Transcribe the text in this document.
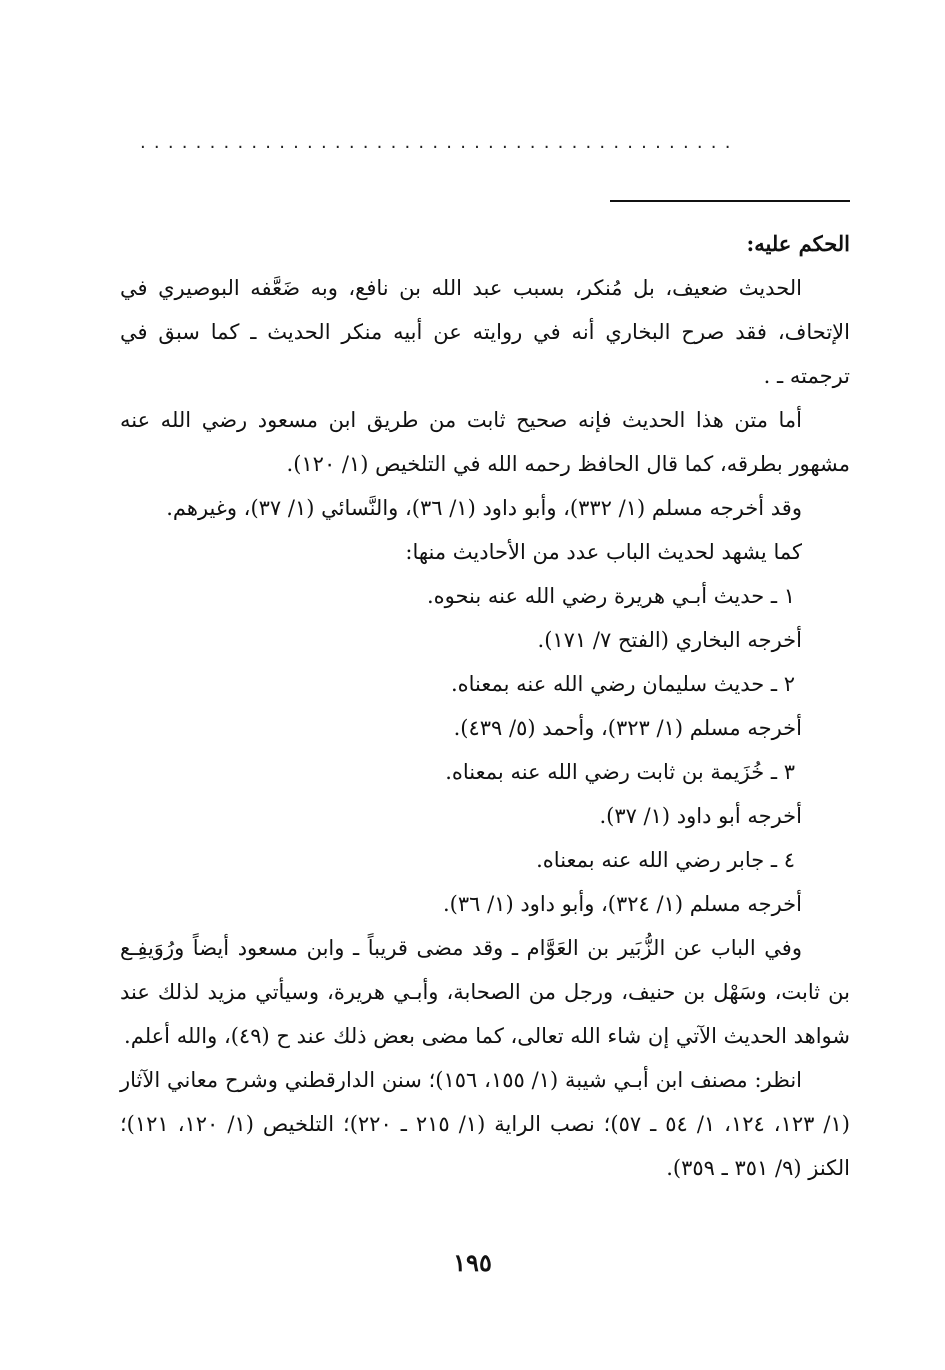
...........................................

الحكم عليه:

الحديث ضعيف، بل مُنكر، بسبب عبد الله بن نافع، وبه ضَعَّفه البوصيري في الإتحاف، فقد صرح البخاري أنه في روايته عن أبيه منكر الحديث ـ كما سبق في ترجمته ـ .

أما متن هذا الحديث فإنه صحيح ثابت من طريق ابن مسعود رضي الله عنه مشهور بطرقه، كما قال الحافظ رحمه الله في التلخيص (١/ ١٢٠).

وقد أخرجه مسلم (١/ ٣٣٢)، وأبو داود (١/ ٣٦)، والنَّسائي (١/ ٣٧)، وغيرهم.

كما يشهد لحديث الباب عدد من الأحاديث منها:

١ ـ حديث أبـي هريرة رضي الله عنه بنحوه.

أخرجه البخاري (الفتح ٧/ ١٧١).

٢ ـ حديث سليمان رضي الله عنه بمعناه.

أخرجه مسلم (١/ ٣٢٣)، وأحمد (٥/ ٤٣٩).

٣ ـ خُزَيمة بن ثابت رضي الله عنه بمعناه.

أخرجه أبو داود (١/ ٣٧).

٤ ـ جابر رضي الله عنه بمعناه.

أخرجه مسلم (١/ ٣٢٤)، وأبو داود (١/ ٣٦).

وفي الباب عن الزُّبَير بن العَوَّام ـ وقد مضى قريباً ـ وابن مسعود أيضاً ورُوَيفِـع بن ثابت، وسَهْل بن حنيف، ورجل من الصحابة، وأبـي هريرة، وسيأتي مزيد لذلك عند شواهد الحديث الآتي إن شاء الله تعالى، كما مضى بعض ذلك عند ح (٤٩)، والله أعلم.

انظر: مصنف ابن أبـي شيبة (١/ ١٥٥، ١٥٦)؛ سنن الدارقطني وشرح معاني الآثار (١/ ١٢٣، ١٢٤، ١/ ٥٤ ـ ٥٧)؛ نصب الراية (١/ ٢١٥ ـ ٢٢٠)؛ التلخيص (١/ ١٢٠، ١٢١)؛ الكنز (٩/ ٣٥١ ـ ٣٥٩).

١٩٥
